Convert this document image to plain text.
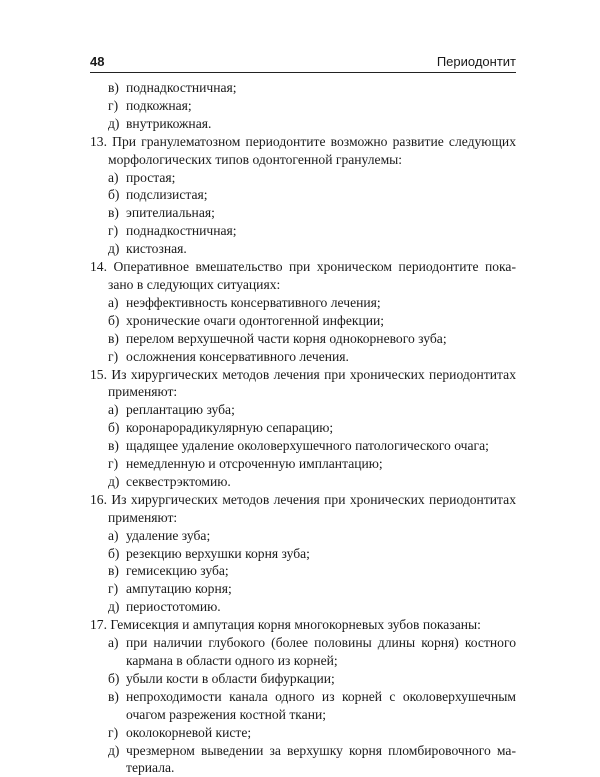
48	Периодонтит
в) поднадкостничная;
г) подкожная;
д) внутрикожная.
13. При гранулематозном периодонтите возможно развитие следующих
морфологических типов одонтогенной гранулемы:
а) простая;
б) подслизистая;
в) эпителиальная;
г) поднадкостничная;
д) кистозная.
14. Оперативное вмешательство при хроническом периодонтите пока-
зано в следующих ситуациях:
а) неэффективность консервативного лечения;
б) хронические очаги одонтогенной инфекции;
в) перелом верхушечной части корня однокорневого зуба;
г) осложнения консервативного лечения.
15. Из хирургических методов лечения при хронических периодонтитах
применяют:
а) реплантацию зуба;
б) коронарорадикулярную сепарацию;
в) щадящее удаление околоверхушечного патологического очага;
г) немедленную и отсроченную имплантацию;
д) секвестрэктомию.
16. Из хирургических методов лечения при хронических периодонтитах
применяют:
а) удаление зуба;
б) резекцию верхушки корня зуба;
в) гемисекцию зуба;
г) ампутацию корня;
д) периостотомию.
17. Гемисекция и ампутация корня многокорневых зубов показаны:
а) при наличии глубокого (более половины длины корня) костного
кармана в области одного из корней;
б) убыли кости в области бифуркации;
в) непроходимости канала одного из корней с околоверхушечным
очагом разрежения костной ткани;
г) околокорневой кисте;
д) чрезмерном выведении за верхушку корня пломбировочного ма-
териала.
